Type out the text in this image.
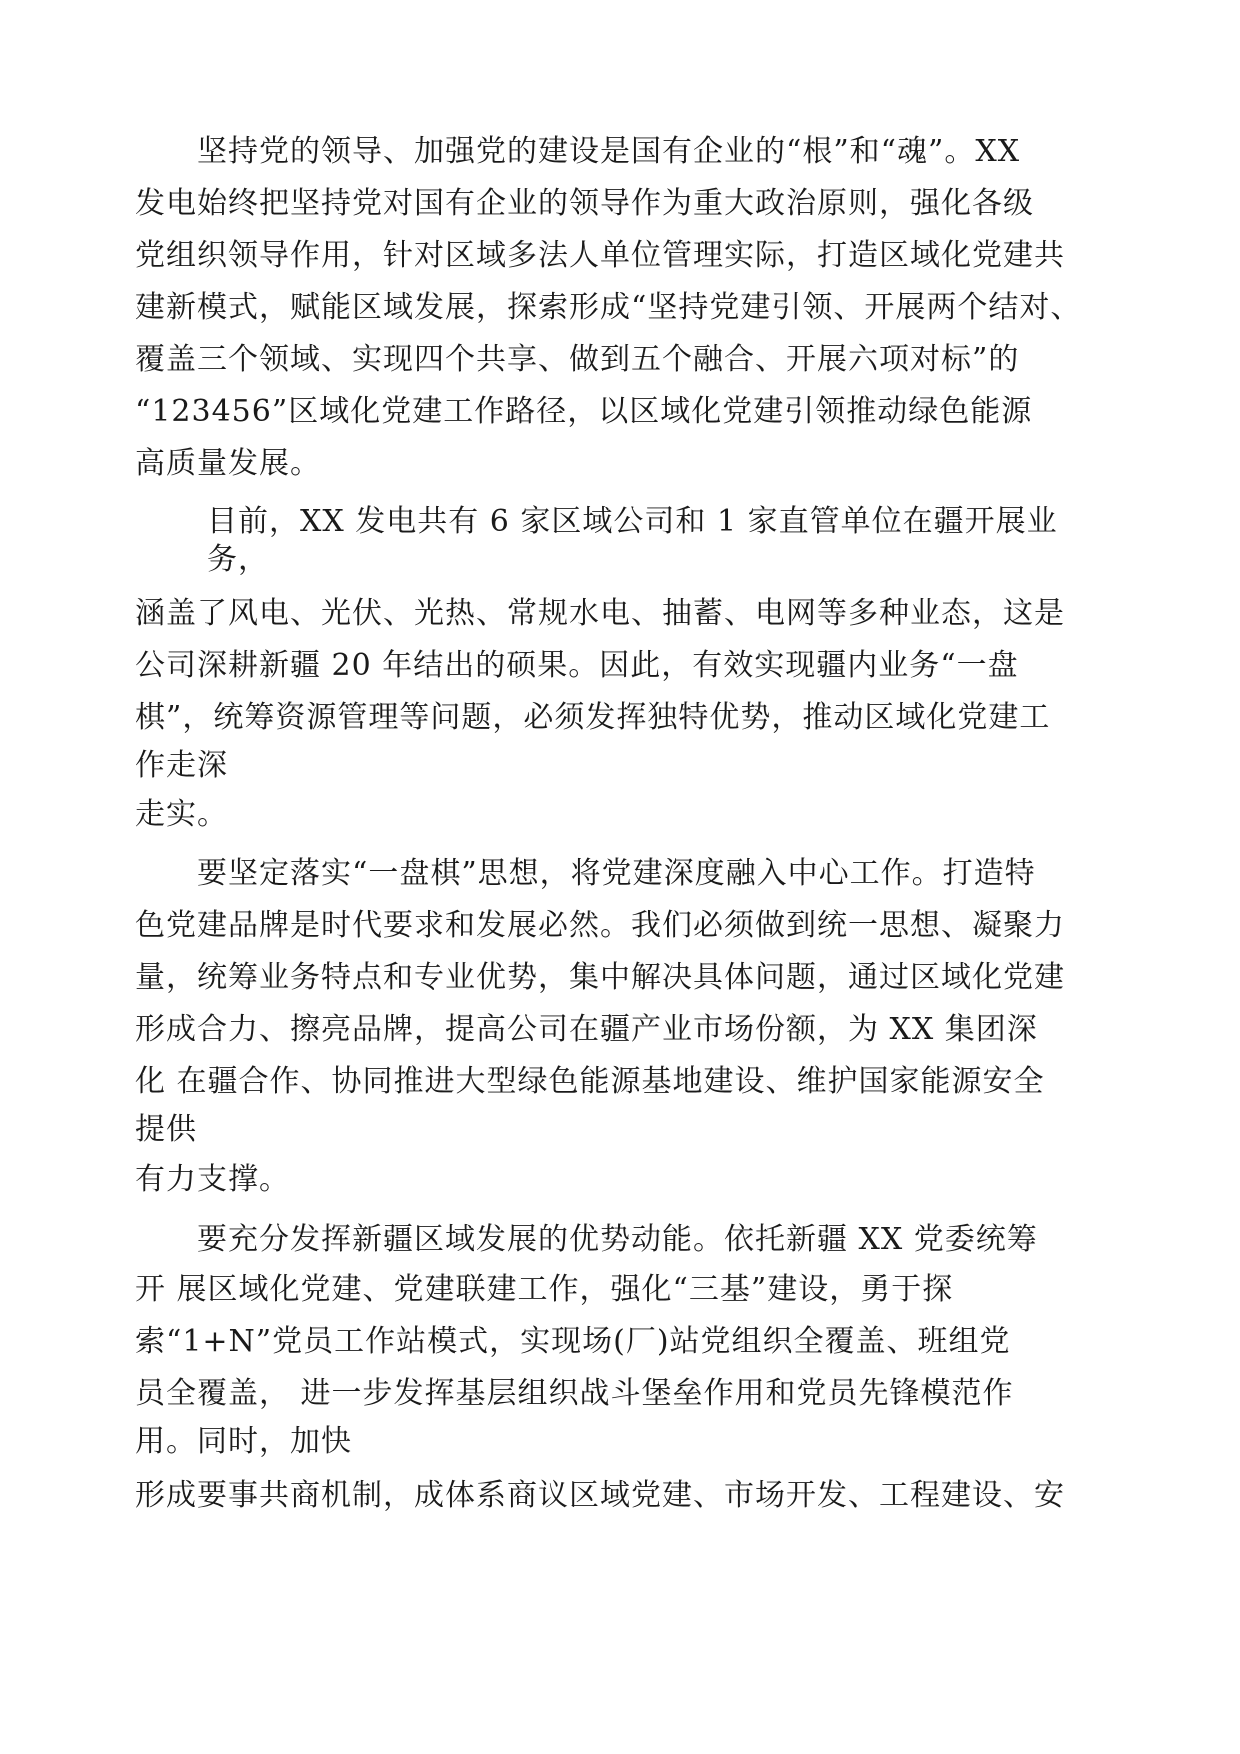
坚持党的领导、加强党的建设是国有企业的“根”和“魂”。XX
发电始终把坚持党对国有企业的领导作为重大政治原则，强化各级
党组织领导作用，针对区域多法人单位管理实际，打造区域化党建共
建新模式，赋能区域发展，探索形成“坚持党建引领、开展两个结对、
覆盖三个领域、实现四个共享、做到五个融合、开展六项对标”的
“123456”区域化党建工作路径，以区域化党建引领推动绿色能源
高质量发展。
目前，XX 发电共有 6 家区域公司和 1 家直管单位在疆开展业
务，
涵盖了风电、光伏、光热、常规水电、抽蓄、电网等多种业态，这是
公司深耕新疆 20 年结出的硕果。因此，有效实现疆内业务“一盘
棋”，统筹资源管理等问题，必须发挥独特优势，推动区域化党建工
作走深
走实。
要坚定落实“一盘棋”思想，将党建深度融入中心工作。打造特
色党建品牌是时代要求和发展必然。我们必须做到统一思想、凝聚力
量，统筹业务特点和专业优势，集中解决具体问题，通过区域化党建
形成合力、擦亮品牌，提高公司在疆产业市场份额，为 XX 集团深
化 在疆合作、协同推进大型绿色能源基地建设、维护国家能源安全
提供
有力支撑。
要充分发挥新疆区域发展的优势动能。依托新疆 XX 党委统筹
开 展区域化党建、党建联建工作，强化“三基”建设，勇于探
索“1+N”党员工作站模式，实现场(厂)站党组织全覆盖、班组党
员全覆盖， 进一步发挥基层组织战斗堡垒作用和党员先锋模范作
用。同时，加快
形成要事共商机制，成体系商议区域党建、市场开发、工程建设、安
